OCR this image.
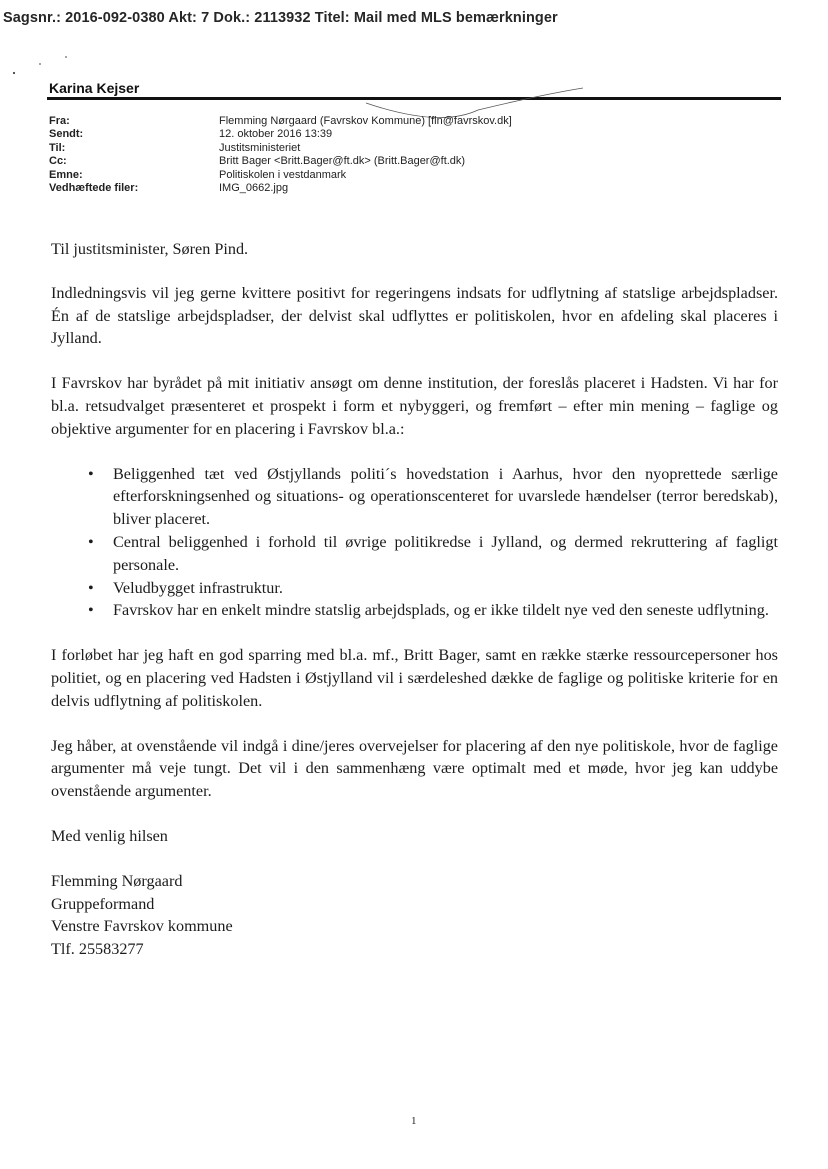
Sagsnr.: 2016-092-0380 Akt: 7 Dok.: 2113932 Titel: Mail med MLS bemærkninger
Karina Kejser
Fra:	Flemming Nørgaard (Favrskov Kommune) [fln@favrskov.dk]
Sendt:	12. oktober 2016 13:39
Til:	Justitsministeriet
Cc:	Britt Bager <Britt.Bager@ft.dk> (Britt.Bager@ft.dk)
Emne:	Politiskolen i vestdanmark
Vedhæftede filer:	IMG_0662.jpg

Til justitsminister, Søren Pind.

Indledningsvis vil jeg gerne kvittere positivt for regeringens indsats for udflytning af statslige arbejdspladser. Én af de statslige arbejdspladser, der delvist skal udflyttes er politiskolen, hvor en afdeling skal placeres i Jylland.

I Favrskov har byrådet på mit initiativ ansøgt om denne institution, der foreslås placeret i Hadsten. Vi har for bl.a. retsudvalget præsenteret et prospekt i form et nybyggeri, og fremført – efter min mening – faglige og objektive argumenter for en placering i Favrskov bl.a.:

• Beliggenhed tæt ved Østjyllands politi´s hovedstation i Aarhus, hvor den nyoprettede særlige efterforskningsenhed og situations- og operationscenteret for uvarslede hændelser (terror beredskab), bliver placeret.
• Central beliggenhed i forhold til øvrige politikredse i Jylland, og dermed rekruttering af fagligt personale.
• Veludbygget infrastruktur.
• Favrskov har en enkelt mindre statslig arbejdsplads, og er ikke tildelt nye ved den seneste udflytning.

I forløbet har jeg haft en god sparring med bl.a. mf., Britt Bager, samt en række stærke ressourcepersoner hos politiet, og en placering ved Hadsten i Østjylland vil i særdeleshed dække de faglige og politiske kriterie for en delvis udflytning af politiskolen.

Jeg håber, at ovenstående vil indgå i dine/jeres overvejelser for placering af den nye politiskole, hvor de faglige argumenter må veje tungt. Det vil i den sammenhæng være optimalt med et møde, hvor jeg kan uddybe ovenstående argumenter.

Med venlig hilsen

Flemming Nørgaard

Gruppeformand

Venstre Favrskov kommune

Tlf. 25583277

1
